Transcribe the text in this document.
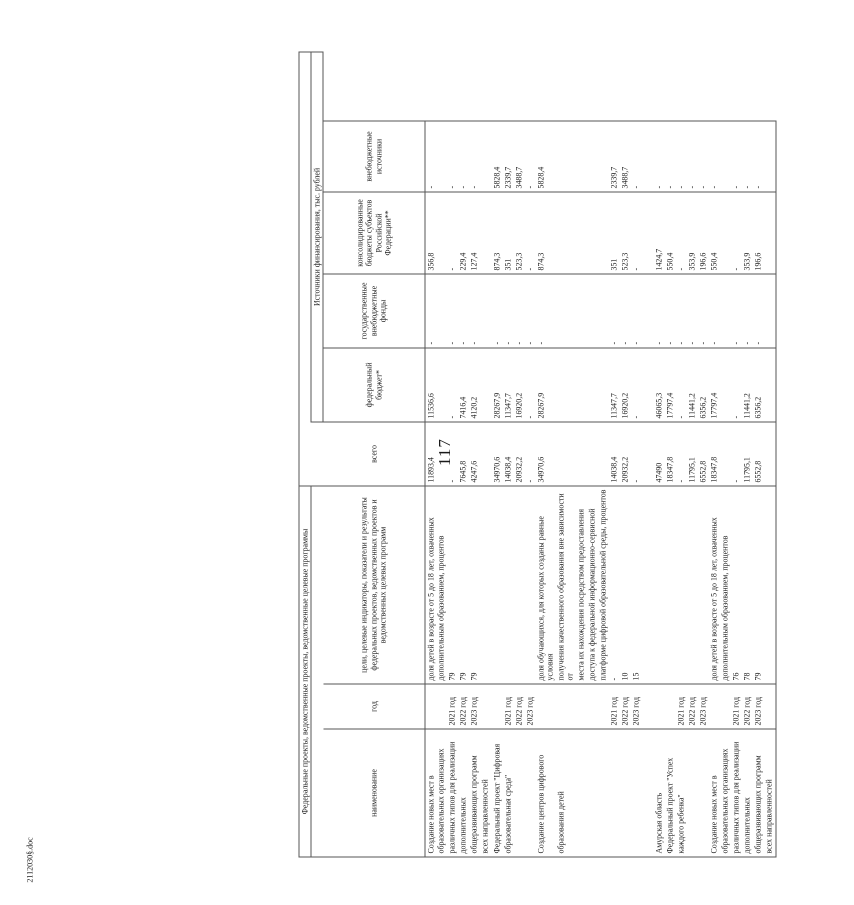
117
2112030§.doc
Федеральные проекты, ведомственные проекты, ведомственные целевые программы							
				Источники финансирования, тыс. рублей			
наименование	год	цели, целевые индикаторы, показатели и результаты федеральных проектов, ведомственных проектов и ведомственных целевых программ	всего	федеральный бюджет*	государственные внебюджетные фонды	консолидированные бюджеты субъектов Российской Федерации**	внебюджетные источники
Создание новых мест в		доля детей в возрасте от 5 до 18 лет, охваченных	11893,4	11536,6	-	356,8	-
образовательных организациях		дополнительным образованием, процентов					
различных типов для реализации	2021 год	79	-	-	-	-	-
дополнительных	2022 год	79	7645,8	7416,4	-	229,4	-
общеразвивающих программ	2023 год	79	4247,6	4120,2	-	127,4	-
всех направленностей							
Федеральный проект "Цифровая			34970,6	28267,9	-	874,3	5828,4
образовательная среда"	2021 год		14038,4	11347,7	-	351	2339,7
	2022 год		20932,2	16920,2	-	523,3	3488,7
	2023 год		-	-	-	-	-
Создание центров цифрового		доля обучающихся, для которых созданы равные условия	34970,6	28267,9	-	874,3	5828,4
образования детей		получения качественного образования вне зависимости от					
		места их нахождения посредством предоставления					
		доступа к федеральной информационно-сервисной					
		платформе цифровой образовательной среды, процентов					
	2021 год	-	14038,4	11347,7	-	351	2339,7
	2022 год	10	20932,2	16920,2	-	523,3	3488,7
	2023 год	15	-	-	-	-	-

Амурская область			47490	46065,3	-	1424,7	-
Федеральный проект "Успех			18347,8	17797,4	-	550,4	-
каждого ребенка"	2021 год		-	-	-	-	-
	2022 год		11795,1	11441,2	-	353,9	-
	2023 год		6552,8	6356,2	-	196,6	-
Создание новых мест в		доля детей в возрасте от 5 до 18 лет, охваченных	18347,8	17797,4	-	550,4	-
образовательных организациях		дополнительным образованием, процентов					
различных типов для реализации	2021 год	76	-	-	-	-	-
дополнительных	2022 год	78	11795,1	11441,2	-	353,9	-
общеразвивающих программ	2023 год	79	6552,8	6356,2	-	196,6	-
всех направленностей							
